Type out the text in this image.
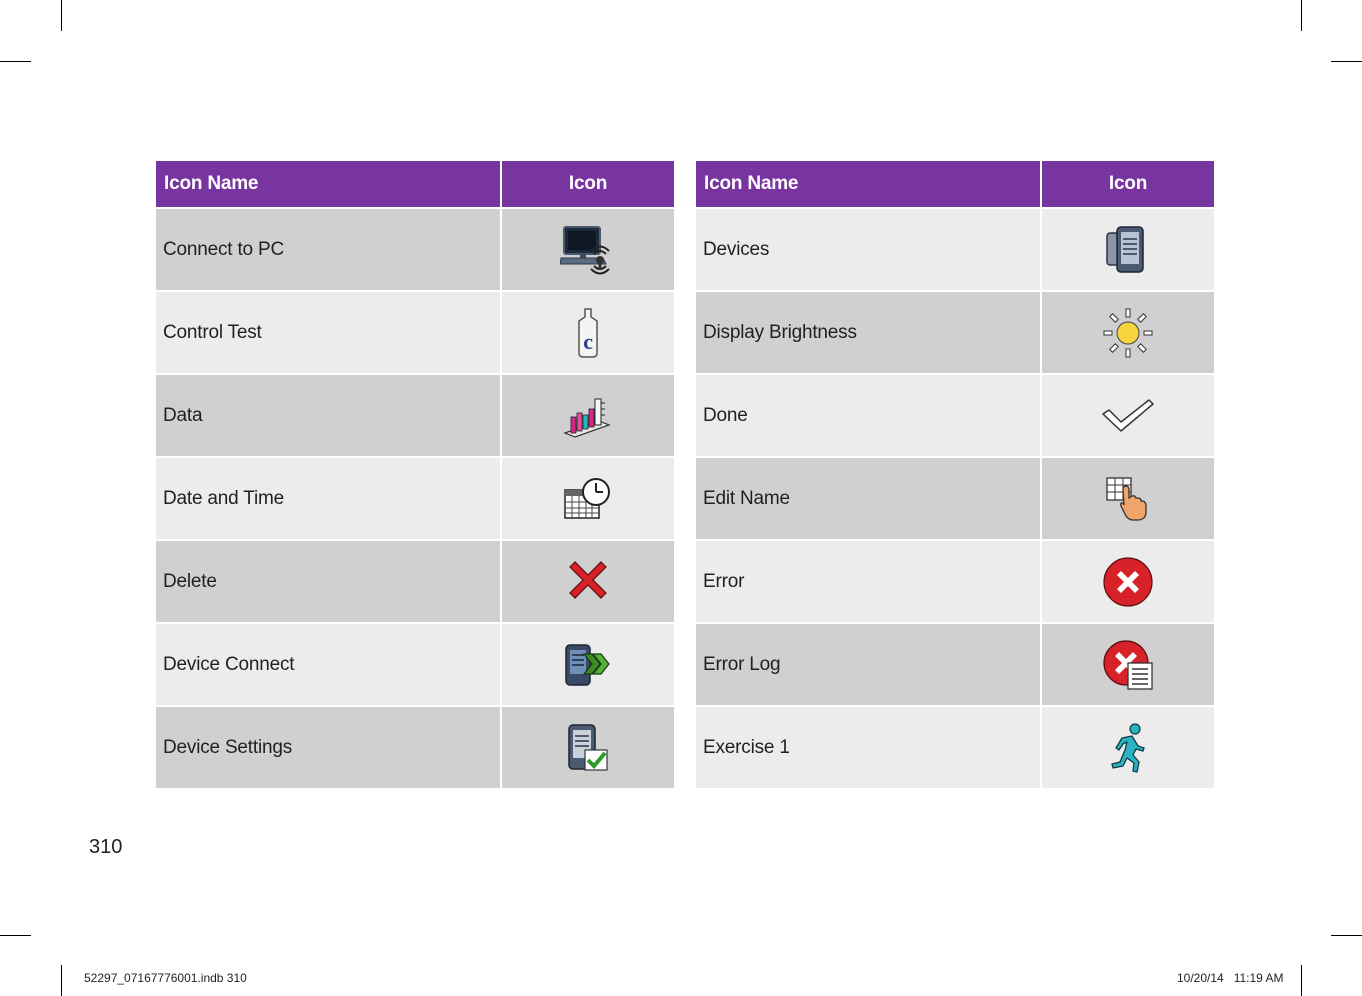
Icon Name	Icon
Connect to PC	
Control Test	c

Data	
Date and Time	
Delete	
Device Connect	
Device Settings	
Icon Name	Icon
Devices	
Display Brightness	
Done	
Edit Name	
Error	
Error Log	
Exercise 1	
310
52297_07167776001.indb 310	10/20/14   11:19 AM
